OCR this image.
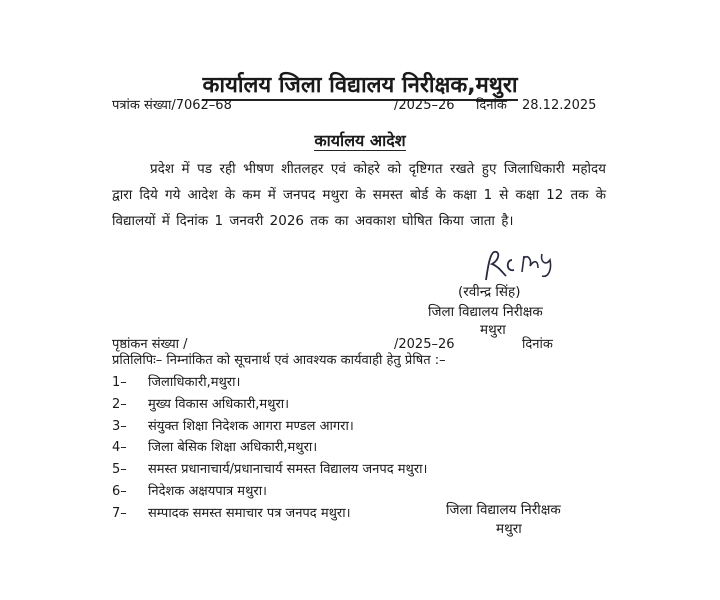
कार्यालय जिला विद्यालय निरीक्षक,मथुरा
पत्रांक संख्या/7062–68	/2025–26 दिनांक 28.12.2025
कार्यालय आदेश
प्रदेश में पड रही भीषण शीतलहर एवं कोहरे को दृष्टिगत रखते हुए जिलाधिकारी महोदय द्वारा दिये गये आदेश के कम में जनपद मथुरा के समस्त बोर्ड के कक्षा 1 से कक्षा 12 तक के विद्यालयों में दिनांक 1 जनवरी 2026 तक का अवकाश घोषित किया जाता है।
(रवीन्द्र सिंह)
जिला विद्यालय निरीक्षक
मथुरा
पृष्ठांकन संख्या /	/2025–26	दिनांक
प्रतिलिपिः– निम्नांकित को सूचनार्थ एवं आवश्यक कार्यवाही हेतु प्रेषित :–
1–	जिलाधिकारी,मथुरा।
2–	मुख्य विकास अधिकारी,मथुरा।
3–	संयुक्त शिक्षा निदेशक आगरा मण्डल आगरा।
4–	जिला बेसिक शिक्षा अधिकारी,मथुरा।
5–	समस्त प्रधानाचार्य/प्रधानाचार्य समस्त विद्यालय जनपद मथुरा।
6–	निदेशक अक्षयपात्र मथुरा।
7–	सम्पादक समस्त समाचार पत्र जनपद मथुरा।	जिला विद्यालय निरीक्षक
मथुरा
